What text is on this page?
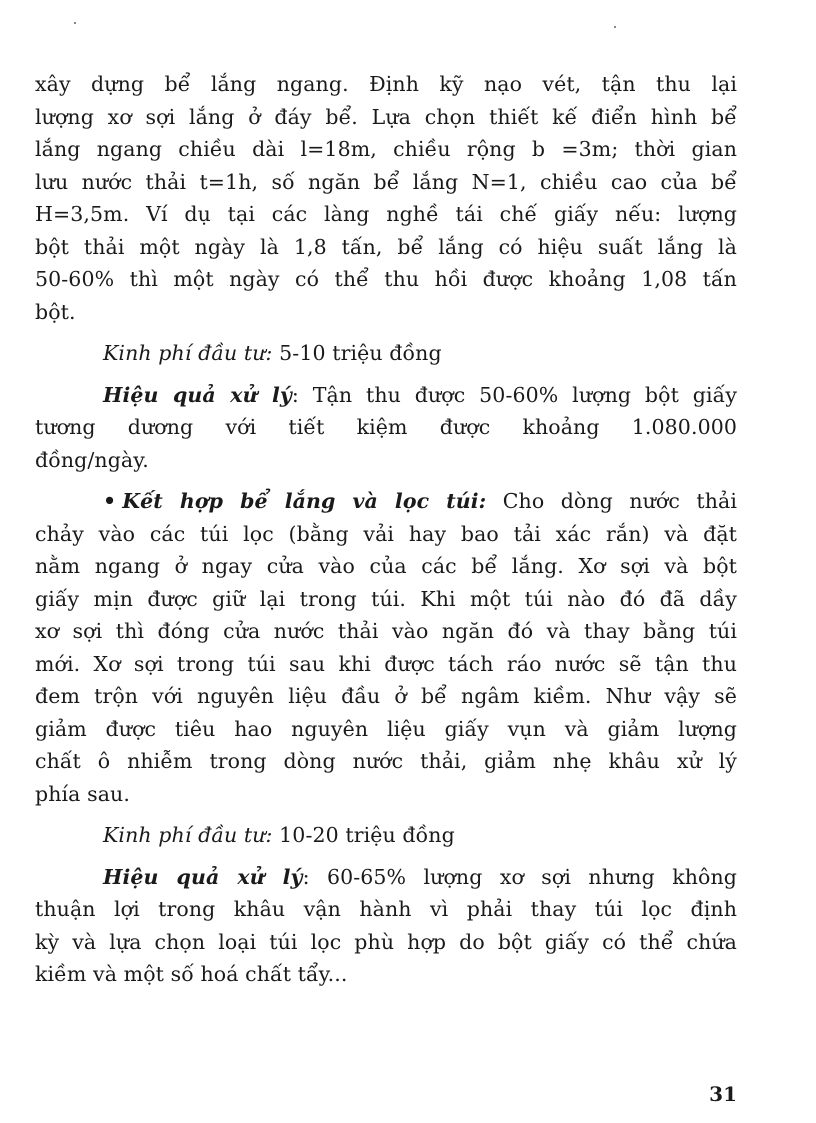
xây dựng bể lắng ngang. Định kỹ nạo vét, tận thu lại
lượng xơ sợi lắng ở đáy bể. Lựa chọn thiết kế điển hình bể
lắng ngang chiều dài l=18m, chiều rộng b =3m; thời gian
lưu nước thải t=1h, số ngăn bể lắng N=1, chiều cao của bể
H=3,5m. Ví dụ tại các làng nghề tái chế giấy nếu: lượng
bột thải một ngày là 1,8 tấn, bể lắng có hiệu suất lắng là
50-60% thì một ngày có thể thu hồi được khoảng 1,08 tấn
bột.
Kinh phí đầu tư: 5-10 triệu đồng
Hiệu quả xử lý: Tận thu được 50-60% lượng bột giấy
tương dương với tiết kiệm được khoảng 1.080.000
đồng/ngày.
• Kết hợp bể lắng và lọc túi: Cho dòng nước thải
chảy vào các túi lọc (bằng vải hay bao tải xác rắn) và đặt
nằm ngang ở ngay cửa vào của các bể lắng. Xơ sợi và bột
giấy mịn được giữ lại trong túi. Khi một túi nào đó đã dầy
xơ sợi thì đóng cửa nước thải vào ngăn đó và thay bằng túi
mới. Xơ sợi trong túi sau khi được tách ráo nước sẽ tận thu
đem trộn với nguyên liệu đầu ở bể ngâm kiềm. Như vậy sẽ
giảm được tiêu hao nguyên liệu giấy vụn và giảm lượng
chất ô nhiễm trong dòng nước thải, giảm nhẹ khâu xử lý
phía sau.
Kinh phí đầu tư: 10-20 triệu đồng
Hiệu quả xử lý: 60-65% lượng xơ sợi nhưng không
thuận lợi trong khâu vận hành vì phải thay túi lọc định
kỳ và lựa chọn loại túi lọc phù hợp do bột giấy có thể chứa
kiềm và một số hoá chất tẩy...
31
